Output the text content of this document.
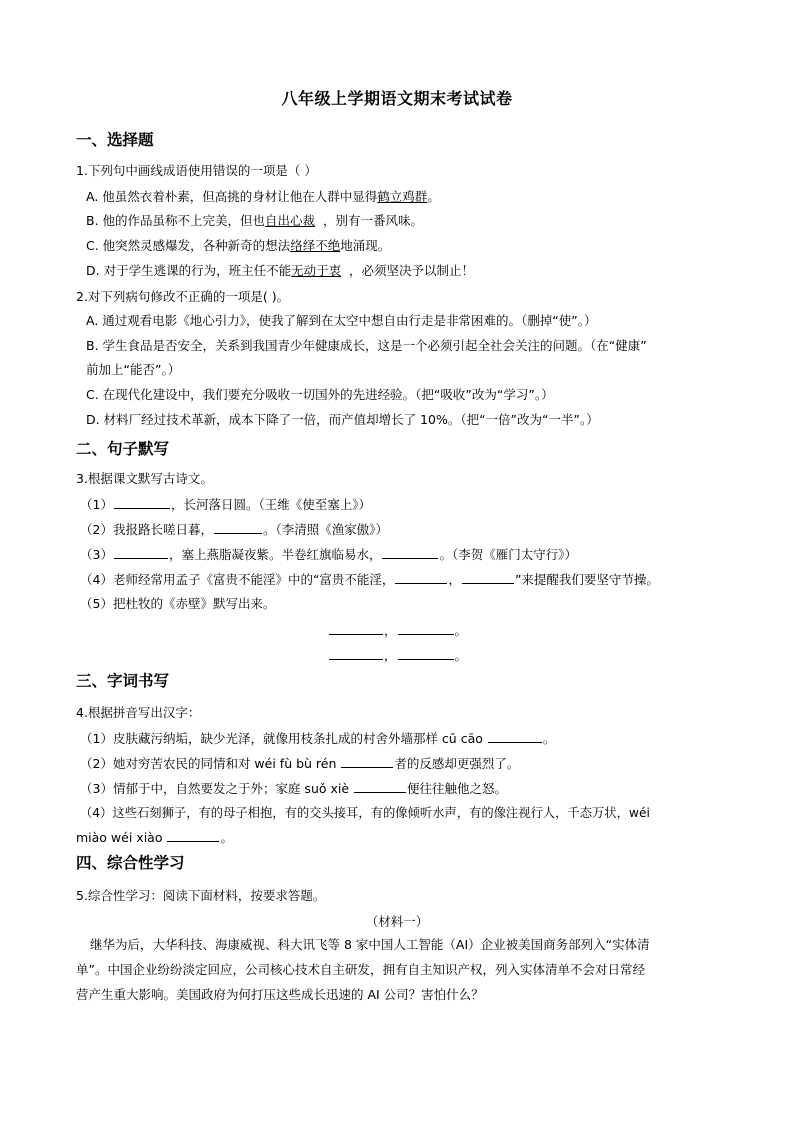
八年级上学期语文期末考试试卷
一、选择题
1.下列句中画线成语使用错误的一项是（ ）
A. 他虽然衣着朴素，但高挑的身材让他在人群中显得鹤立鸡群。
B. 他的作品虽称不上完美，但也自出心裁  ，别有一番风味。
C. 他突然灵感爆发，各种新奇的想法络绎不绝地涌现。
D. 对于学生逃课的行为，班主任不能无动于衷  ，必须坚决予以制止！
2.对下列病句修改不正确的一项是( )。
A. 通过观看电影《地心引力》，使我了解到在太空中想自由行走是非常困难的。（删掉“使”。）
B. 学生食品是否安全，关系到我国青少年健康成长，这是一个必须引起全社会关注的问题。（在“健康”
前加上“能否”。）
C. 在现代化建设中，我们要充分吸收一切国外的先进经验。（把“吸收”改为“学习”。）
D. 材料厂经过技术革新，成本下降了一倍，而产值却增长了 10%。（把“一倍”改为“一半”。）
二、句子默写
3.根据课文默写古诗文。
（1）	，长河落日圆。（王维《使至塞上》）
（2）我报路长嗟日暮，	。（李清照《渔家傲》）
（3）	，塞上燕脂凝夜紫。半卷红旗临易水，	。（李贺《雁门太守行》）
（4）老师经常用孟子《富贵不能淫》中的“富贵不能淫，	，	”来提醒我们要坚守节操。
（5）把杜牧的《赤壁》默写出来。
，	。
，	。
三、字词书写
4.根据拼音写出汉字：
（1）皮肤藏污纳垢，缺少光泽，就像用枝条扎成的村舍外墙那样 cū cāo	。
（2）她对穷苦农民的同情和对 wéi fù bù rén	者的反感却更强烈了。
（3）情郁于中，自然要发之于外；家庭 suǒ xiè	便往往触他之怒。
（4）这些石刻狮子，有的母子相抱，有的交头接耳，有的像倾听水声，有的像注视行人，千态万状，wéi
miào wéi xiào	。
四、综合性学习
5.综合性学习：阅读下面材料，按要求答题。
（材料一）
继华为后，大华科技、海康威视、科大讯飞等 8 家中国人工智能（AI）企业被美国商务部列入“实体清
单”。中国企业纷纷淡定回应，公司核心技术自主研发，拥有自主知识产权，列入实体清单不会对日常经
营产生重大影响。美国政府为何打压这些成长迅速的 AI 公司？害怕什么？
